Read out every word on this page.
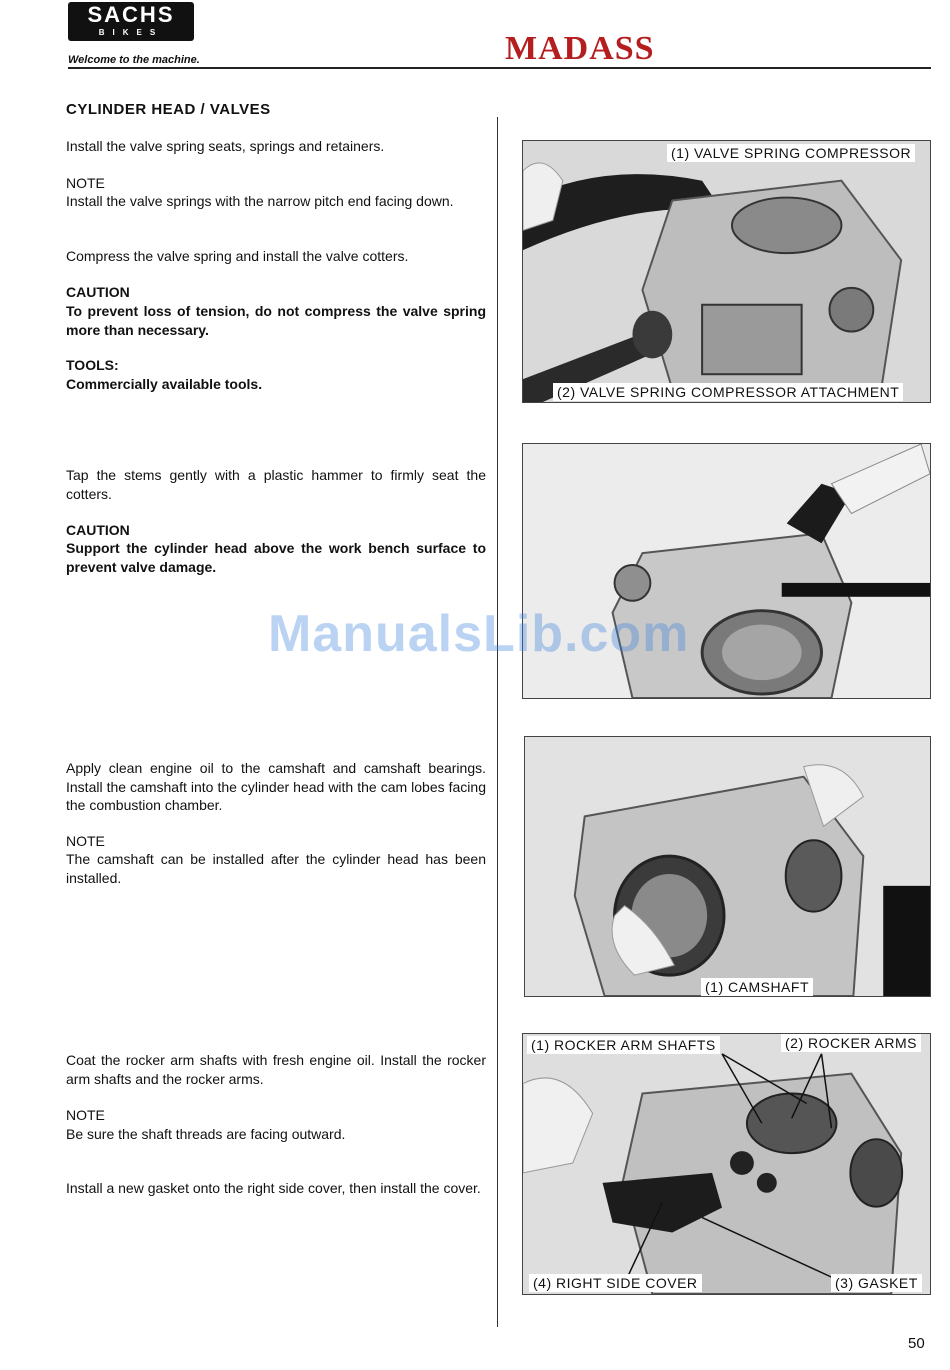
SACHS
BIKES
Welcome to the machine.	MADASS
CYLINDER HEAD / VALVES
Install the valve spring seats, springs and retainers.
NOTE
Install the valve springs with the narrow pitch end facing down.
Compress the valve spring and install the valve cotters.
CAUTION
To prevent loss of tension, do not compress the valve spring more than necessary.
TOOLS:
Commercially available tools.
Tap the stems gently with a plastic hammer to firmly seat the cotters.
CAUTION
Support the cylinder head above the work bench surface to prevent valve damage.
Apply clean engine oil to the camshaft and camshaft bearings. Install the camshaft into the cylinder head with the cam lobes facing the combustion chamber.
NOTE
The camshaft can be installed after the cylinder head has been installed.
Coat the rocker arm shafts with fresh engine oil. Install the rocker arm shafts and the rocker arms.
NOTE
Be sure the shaft threads are facing outward.
Install a new gasket onto the right side cover, then install the cover.
(1) VALVE SPRING COMPRESSOR
(2) VALVE SPRING COMPRESSOR ATTACHMENT
(1) CAMSHAFT
(1) ROCKER ARM SHAFTS	(2) ROCKER ARMS
(4) RIGHT SIDE COVER	(3) GASKET
ManualsLib.com
50
